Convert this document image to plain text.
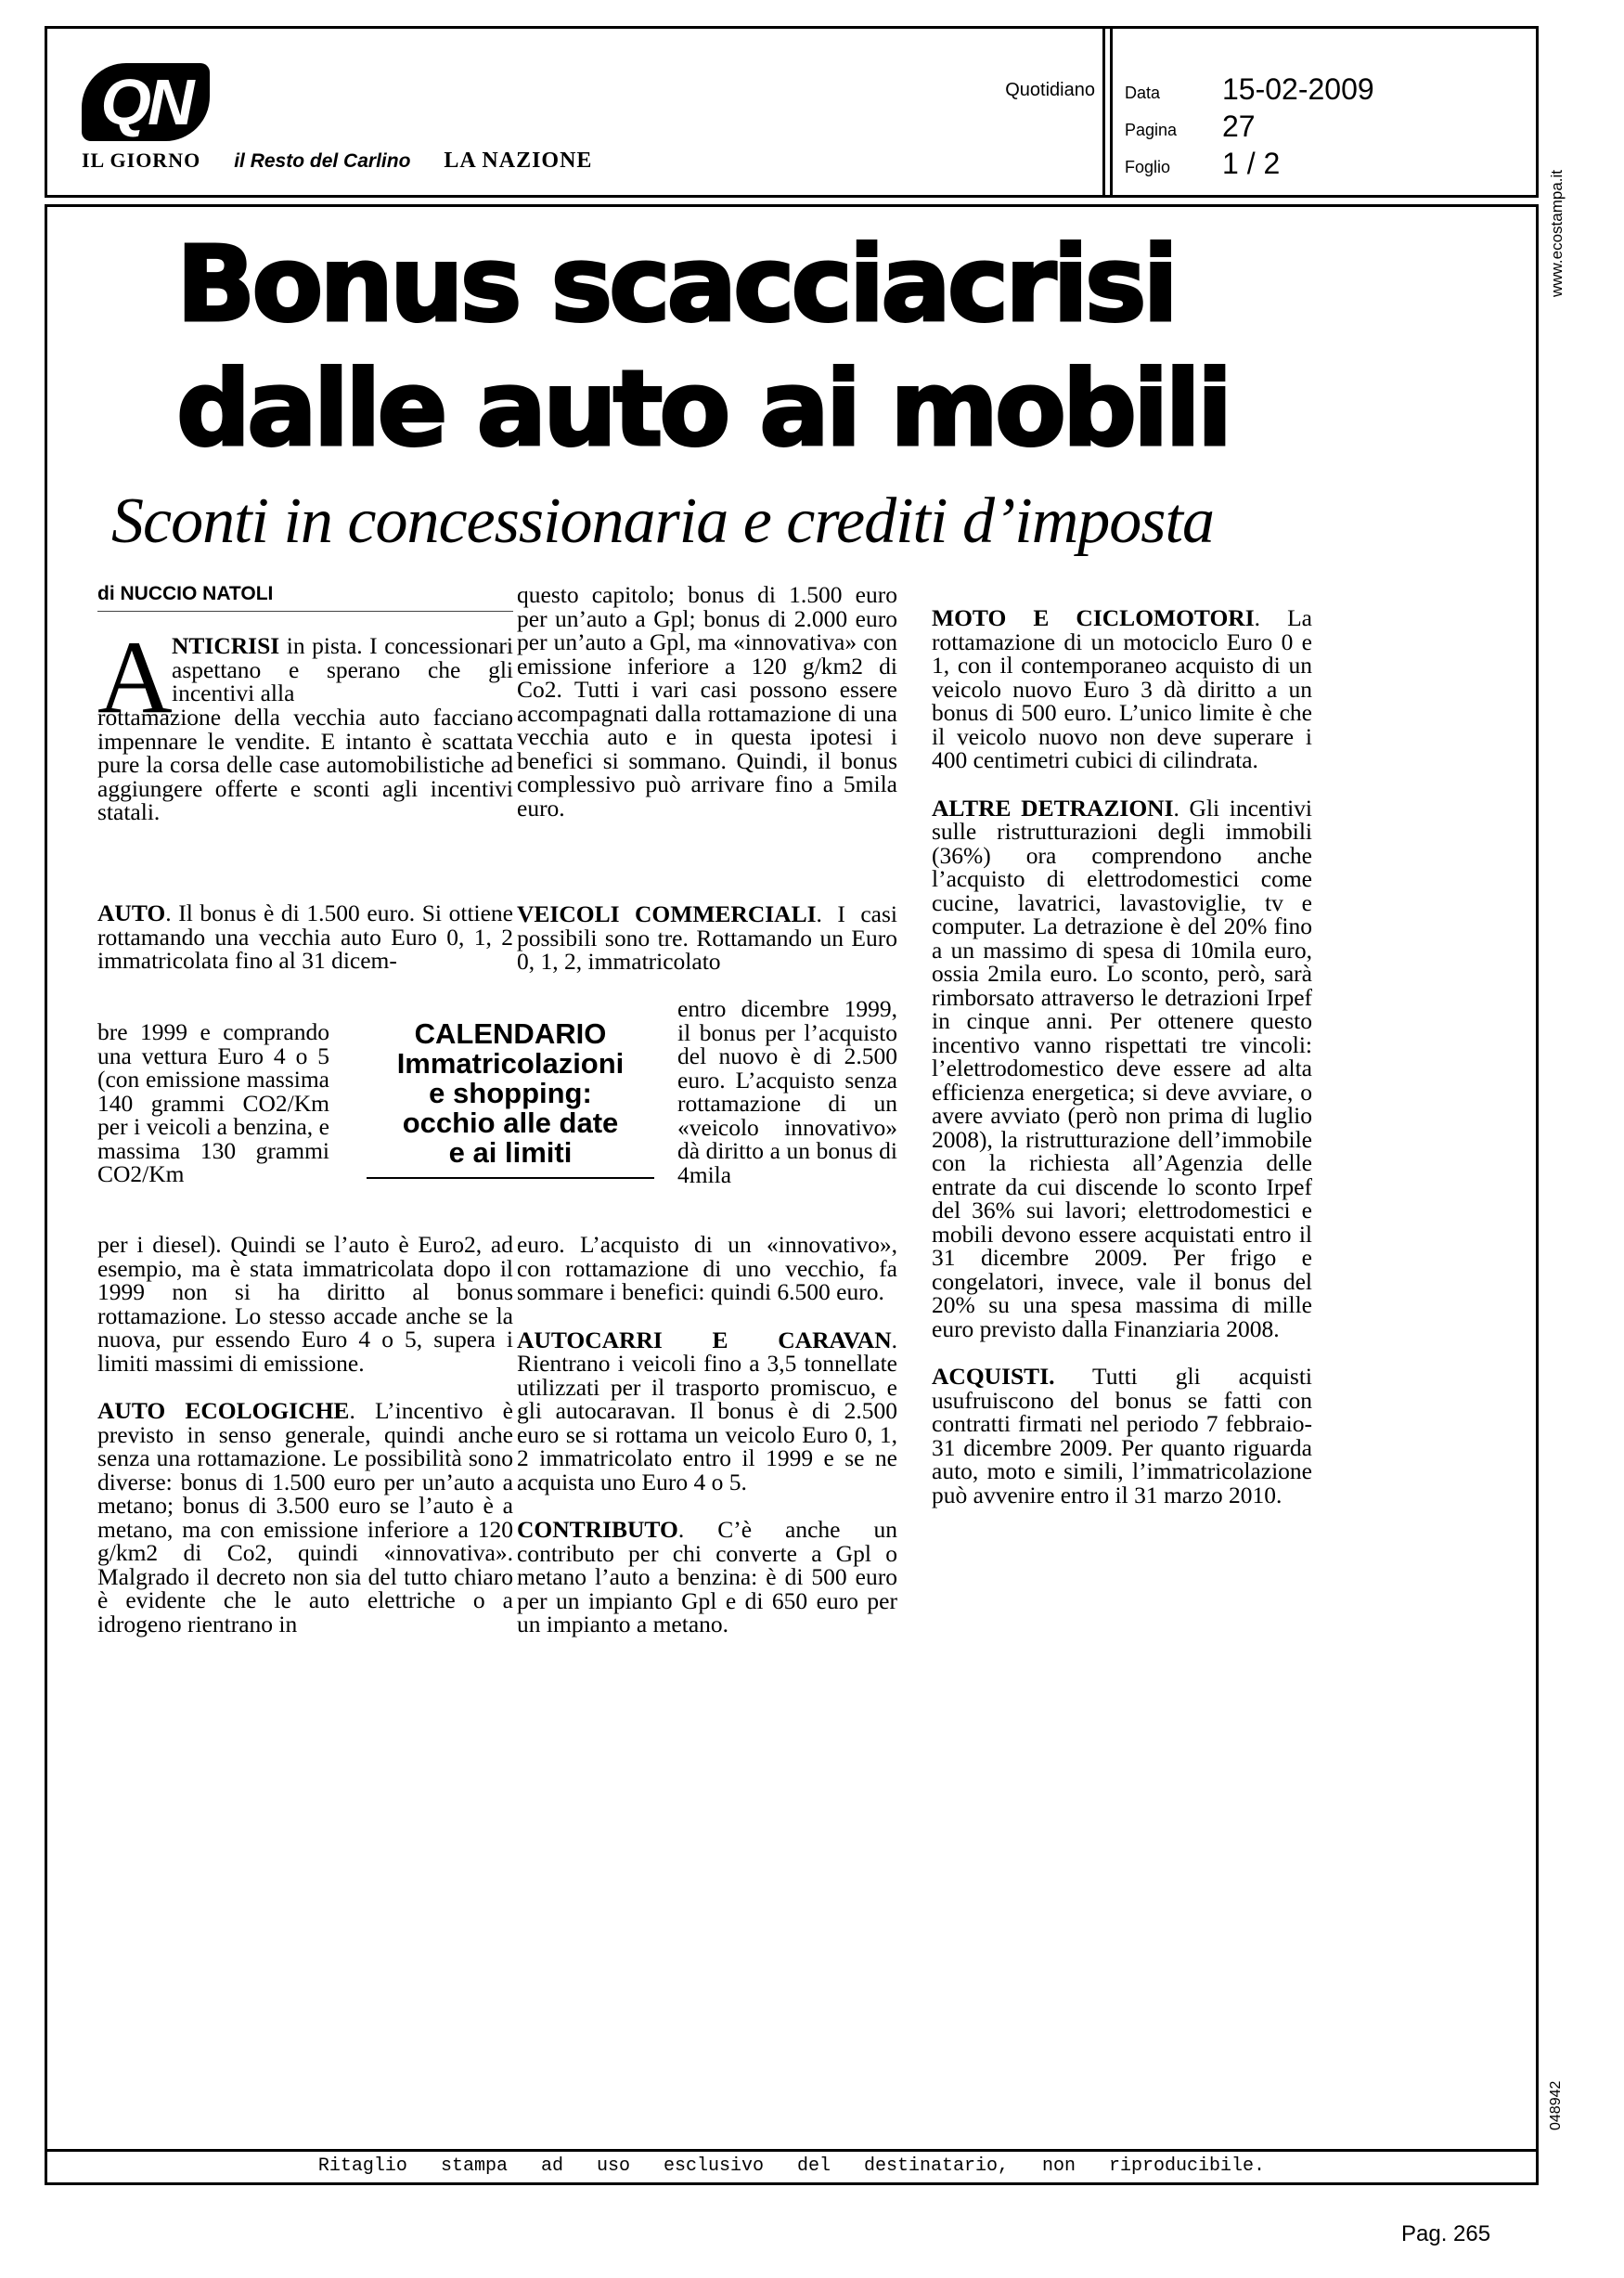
QN
IL GIORNO il Resto del Carlino LA NAZIONE
Quotidiano Data 15-02-2009
Pagina 27
Foglio 1 / 2
www.ecostampa.it
048942
Bonus scacciacrisi
dalle auto ai mobili
Sconti in concessionaria e crediti d’imposta
di NUCCIO NATOLI
A NTICRISI in pista. I concessionari aspettano e sperano che gli incentivi alla
rottamazione della vecchia auto facciano impennare le vendite. E intanto è scattata pure la corsa delle case automobilistiche ad aggiungere offerte e sconti agli incentivi statali.
AUTO. Il bonus è di 1.500 euro. Si ottiene rottamando una vecchia auto Euro 0, 1, 2 immatricolata fino al 31 dicem-
bre 1999 e comprando una vettura Euro 4 o 5 (con emissione massima 140 grammi CO2/Km per i veicoli a benzina, e massima 130 grammi CO2/Km

per i diesel). Quindi se l’auto è Euro2, ad esempio, ma è stata immatricolata dopo il 1999 non si ha diritto al bonus rottamazione. Lo stesso accade anche se la nuova, pur essendo Euro 4 o 5, supera i limiti massimi di emissione.

AUTO ECOLOGICHE. L’incentivo è previsto in senso generale, quindi anche senza una rottamazione. Le possibilità sono diverse: bonus di 1.500 euro per un’auto a metano; bonus di 3.500 euro se l’auto è a metano, ma con emissione inferiore a 120 g/km2 di Co2, quindi «innovativa». Malgrado il decreto non sia del tutto chiaro è evidente che le auto elettriche o a idrogeno rientrano in

CALENDARIO
Immatricolazioni
e shopping:
occhio alle date
e ai limiti
questo capitolo; bonus di 1.500 euro per un’auto a Gpl; bonus di 2.000 euro per un’auto a Gpl, ma «innovativa» con emissione inferiore a 120 g/km2 di Co2. Tutti i vari casi possono essere accompagnati dalla rottamazione di una vecchia auto e in questa ipotesi i benefici si sommano. Quindi, il bonus complessivo può arrivare fino a 5mila euro.
VEICOLI COMMERCIALI. I casi possibili sono tre. Rottamando un Euro 0, 1, 2, immatricolato
entro dicembre 1999, il bonus per l’acquisto del nuovo è di 2.500 euro. L’acquisto senza rottamazione di un «veicolo innovativo» dà diritto a un bonus di 4mila

euro. L’acquisto di un «innovativo», con rottamazione di uno vecchio, fa sommare i benefici: quindi 6.500 euro.

AUTOCARRI E CARAVAN. Rientrano i veicoli fino a 3,5 tonnellate utilizzati per il trasporto promiscuo, e gli autocaravan. Il bonus è di 2.500 euro se si rottama un veicolo Euro 0, 1, 2 immatricolato entro il 1999 e se ne acquista uno Euro 4 o 5.

CONTRIBUTO. C’è anche un contributo per chi converte a Gpl o metano l’auto a benzina: è di 500 euro per un impianto Gpl e di 650 euro per un impianto a metano.

MOTO E CICLOMOTORI. La rottamazione di un motociclo Euro 0 e 1, con il contemporaneo acquisto di un veicolo nuovo Euro 3 dà diritto a un bonus di 500 euro. L’unico limite è che il veicolo nuovo non deve superare i 400 centimetri cubici di cilindrata.

ALTRE DETRAZIONI. Gli incentivi sulle ristrutturazioni degli immobili (36%) ora comprendono anche l’acquisto di elettrodomestici come cucine, lavatrici, lavastoviglie, tv e computer. La detrazione è del 20% fino a un massimo di spesa di 10mila euro, ossia 2mila euro. Lo sconto, però, sarà rimborsato attraverso le detrazioni Irpef in cinque anni. Per ottenere questo incentivo vanno rispettati tre vincoli: l’elettrodomestico deve essere ad alta efficienza energetica; si deve avviare, o avere avviato (però non prima di luglio 2008), la ristrutturazione dell’immobile con la richiesta all’Agenzia delle entrate da cui discende lo sconto Irpef del 36% sui lavori; elettrodomestici e mobili devono essere acquistati entro il 31 dicembre 2009. Per frigo e congelatori, invece, vale il bonus del 20% su una spesa massima di mille euro previsto dalla Finanziaria 2008.

ACQUISTI. Tutti gli acquisti usufruiscono del bonus se fatti con contratti firmati nel periodo 7 febbraio-31 dicembre 2009. Per quanto riguarda auto, moto e simili, l’immatricolazione può avvenire entro il 31 marzo 2010.

Ritaglio stampa ad uso esclusivo del destinatario, non riproducibile.
Pag. 265
